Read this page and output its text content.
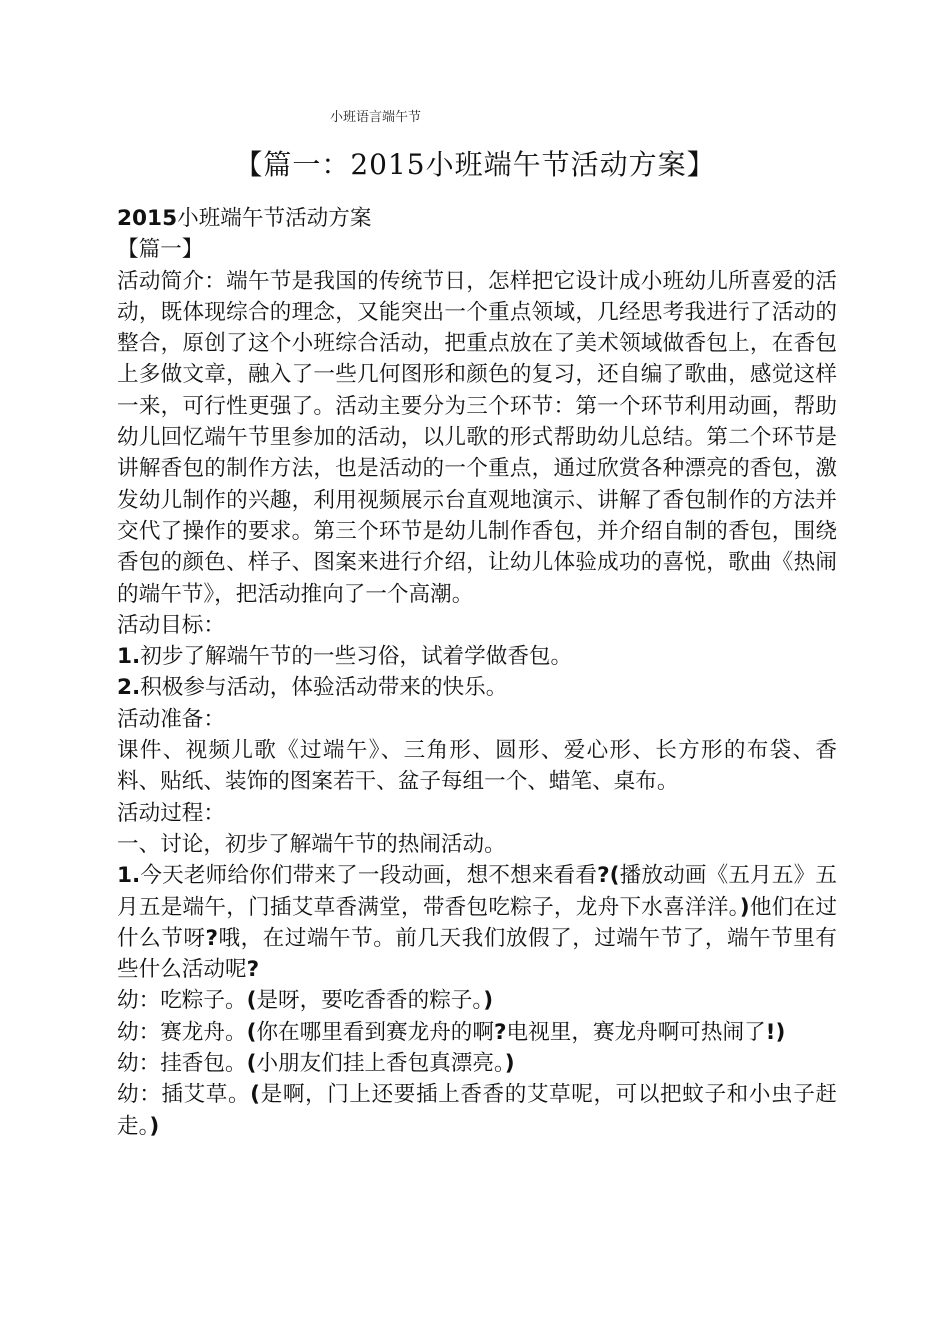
小班语言端午节
【篇一：2015小班端午节活动方案】

2015小班端午节活动方案

【篇一】

活动简介：端午节是我国的传统节日，怎样把它设计成小班幼儿所喜爱的活动，既体现综合的理念，又能突出一个重点领域，几经思考我进行了活动的整合，原创了这个小班综合活动，把重点放在了美术领域做香包上，在香包上多做文章，融入了一些几何图形和颜色的复习，还自编了歌曲，感觉这样一来，可行性更强了。活动主要分为三个环节：第一个环节利用动画，帮助幼儿回忆端午节里参加的活动，以儿歌的形式帮助幼儿总结。第二个环节是讲解香包的制作方法，也是活动的一个重点，通过欣赏各种漂亮的香包，激发幼儿制作的兴趣，利用视频展示台直观地演示、讲解了香包制作的方法并交代了操作的要求。第三个环节是幼儿制作香包，并介绍自制的香包，围绕香包的颜色、样子、图案来进行介绍，让幼儿体验成功的喜悦，歌曲《热闹的端午节》，把活动推向了一个高潮。

活动目标：

1.初步了解端午节的一些习俗，试着学做香包。

2.积极参与活动，体验活动带来的快乐。

活动准备：

课件、视频儿歌《过端午》、三角形、圆形、爱心形、长方形的布袋、香料、贴纸、装饰的图案若干、盆子每组一个、蜡笔、桌布。

活动过程：

一、讨论，初步了解端午节的热闹活动。

1.今天老师给你们带来了一段动画，想不想来看看?(播放动画《五月五》五月五是端午，门插艾草香满堂，带香包吃粽子，龙舟下水喜洋洋。)他们在过什么节呀?哦，在过端午节。前几天我们放假了，过端午节了，端午节里有些什么活动呢?

幼：吃粽子。(是呀，要吃香香的粽子。)

幼：赛龙舟。(你在哪里看到赛龙舟的啊?电视里，赛龙舟啊可热闹了!)

幼：挂香包。(小朋友们挂上香包真漂亮。)

幼：插艾草。(是啊，门上还要插上香香的艾草呢，可以把蚊子和小虫子赶走。)
